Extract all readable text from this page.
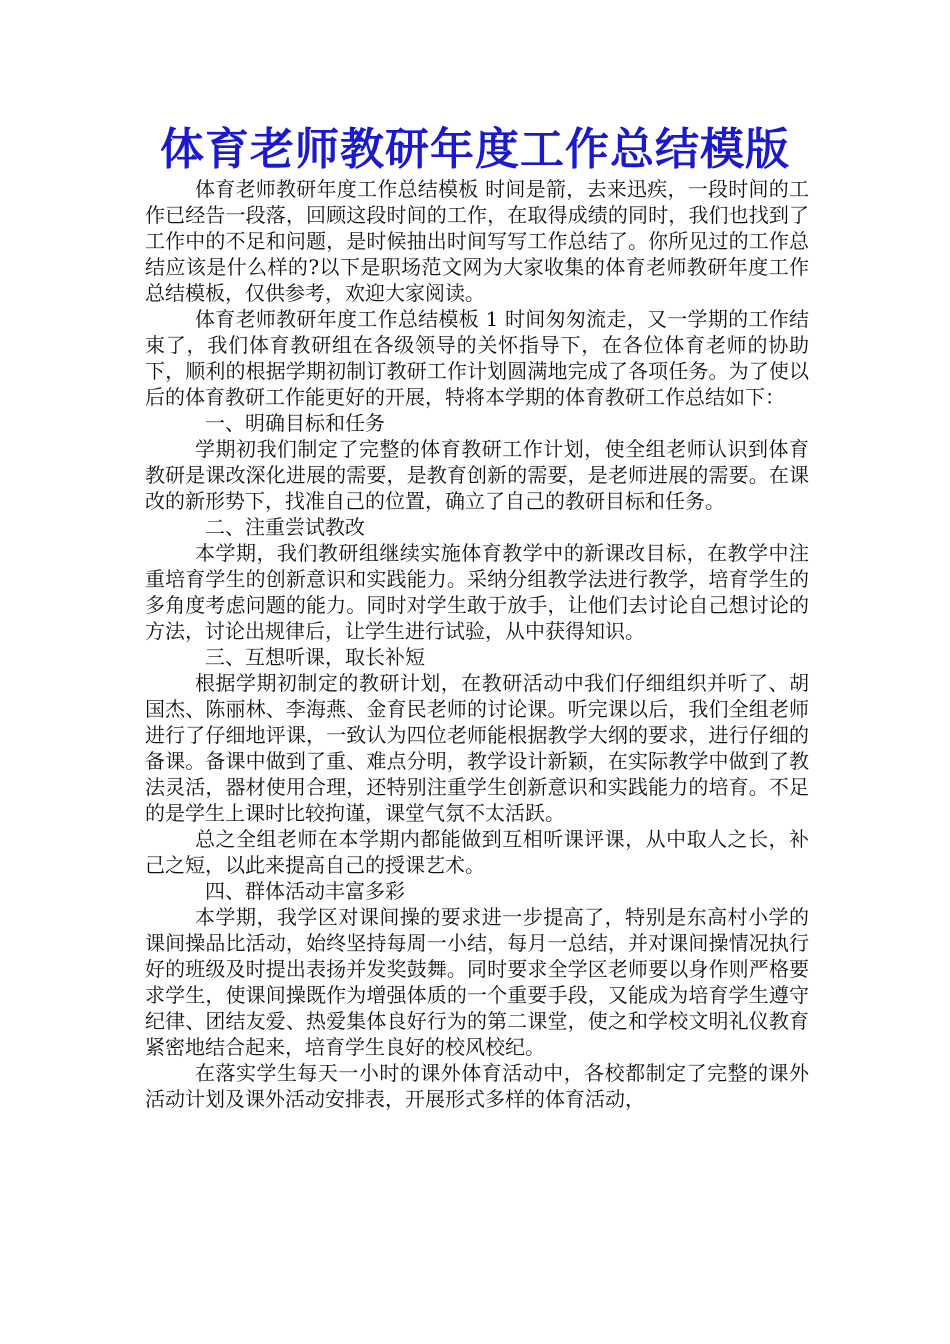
体育老师教研年度工作总结模版

体育老师教研年度工作总结模板 时间是箭，去来迅疾，一段时间的工作已经告一段落，回顾这段时间的工作，在取得成绩的同时，我们也找到了工作中的不足和问题，是时候抽出时间写写工作总结了。你所见过的工作总结应该是什么样的?以下是职场范文网为大家收集的体育老师教研年度工作总结模板，仅供参考，欢迎大家阅读。

体育老师教研年度工作总结模板 1 时间匆匆流走，又一学期的工作结束了，我们体育教研组在各级领导的关怀指导下，在各位体育老师的协助下，顺利的根据学期初制订教研工作计划圆满地完成了各项任务。为了使以后的体育教研工作能更好的开展，特将本学期的体育教研工作总结如下：

一、明确目标和任务

学期初我们制定了完整的体育教研工作计划，使全组老师认识到体育教研是课改深化进展的需要，是教育创新的需要，是老师进展的需要。在课改的新形势下，找准自己的位置，确立了自己的教研目标和任务。

二、注重尝试教改

本学期，我们教研组继续实施体育教学中的新课改目标，在教学中注重培育学生的创新意识和实践能力。采纳分组教学法进行教学，培育学生的多角度考虑问题的能力。同时对学生敢于放手，让他们去讨论自己想讨论的方法，讨论出规律后，让学生进行试验，从中获得知识。

三、互想听课，取长补短

根据学期初制定的教研计划，在教研活动中我们仔细组织并听了、胡国杰、陈丽林、李海燕、金育民老师的讨论课。听完课以后，我们全组老师进行了仔细地评课，一致认为四位老师能根据教学大纲的要求，进行仔细的备课。备课中做到了重、难点分明，教学设计新颖，在实际教学中做到了教法灵活，器材使用合理，还特别注重学生创新意识和实践能力的培育。不足的是学生上课时比较拘谨，课堂气氛不太活跃。

总之全组老师在本学期内都能做到互相听课评课，从中取人之长，补己之短，以此来提高自己的授课艺术。

四、群体活动丰富多彩

本学期，我学区对课间操的要求进一步提高了，特别是东高村小学的课间操品比活动，始终坚持每周一小结，每月一总结，并对课间操情况执行好的班级及时提出表扬并发奖鼓舞。同时要求全学区老师要以身作则严格要求学生，使课间操既作为增强体质的一个重要手段，又能成为培育学生遵守纪律、团结友爱、热爱集体良好行为的第二课堂，使之和学校文明礼仪教育紧密地结合起来，培育学生良好的校风校纪。

在落实学生每天一小时的课外体育活动中，各校都制定了完整的课外活动计划及课外活动安排表，开展形式多样的体育活动，
